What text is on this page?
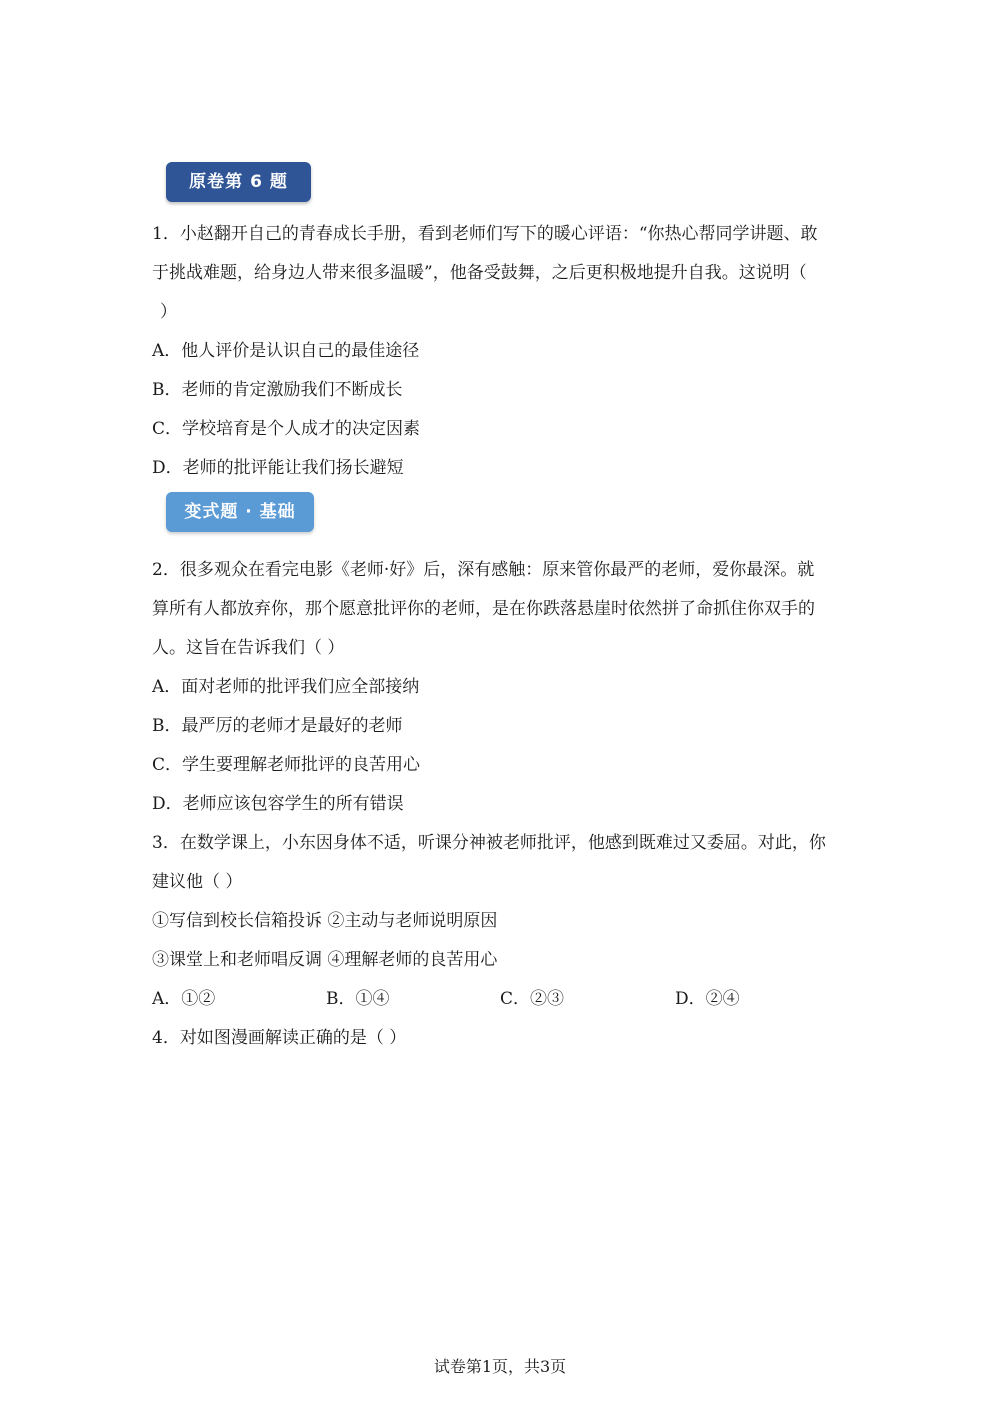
原卷第 6 题
1．小赵翻开自己的青春成长手册，看到老师们写下的暖心评语：“你热心帮同学讲题、敢
于挑战难题，给身边人带来很多温暖”，他备受鼓舞，之后更积极地提升自我。这说明（
）
A．他人评价是认识自己的最佳途径
B．老师的肯定激励我们不断成长
C．学校培育是个人成才的决定因素
D．老师的批评能让我们扬长避短
变式题 · 基础
2．很多观众在看完电影《老师·好》后，深有感触：原来管你最严的老师，爱你最深。就
算所有人都放弃你，那个愿意批评你的老师，是在你跌落悬崖时依然拼了命抓住你双手的
人。这旨在告诉我们（ ）
A．面对老师的批评我们应全部接纳
B．最严厉的老师才是最好的老师
C．学生要理解老师批评的良苦用心
D．老师应该包容学生的所有错误
3．在数学课上，小东因身体不适，听课分神被老师批评，他感到既难过又委屈。对此，你
建议他（ ）
①写信到校长信箱投诉 ②主动与老师说明原因
③课堂上和老师唱反调 ④理解老师的良苦用心
A．①②	B．①④	C．②③	D．②④
4．对如图漫画解读正确的是（ ）
试卷第1页，共3页
